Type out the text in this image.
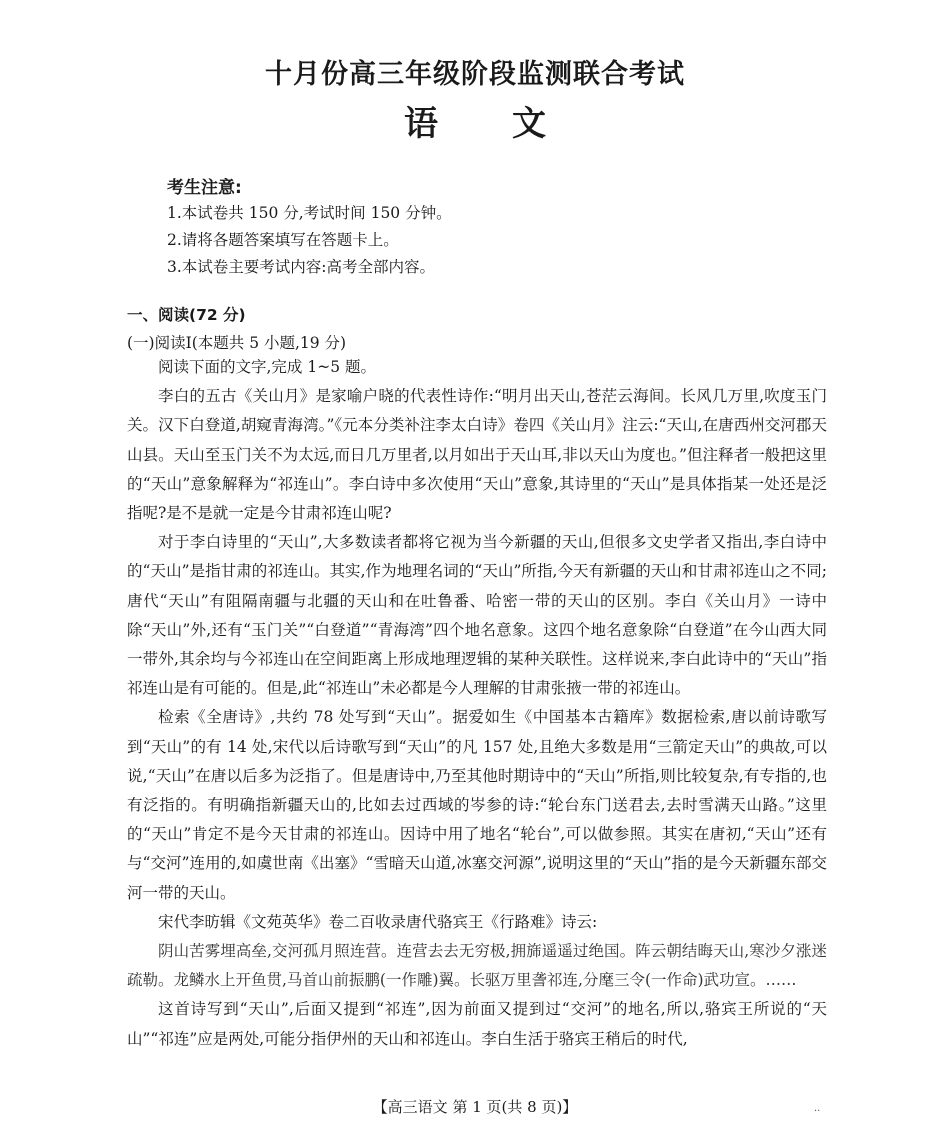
十月份高三年级阶段监测联合考试
语文
考生注意:
1.本试卷共 150 分,考试时间 150 分钟。
2.请将各题答案填写在答题卡上。
3.本试卷主要考试内容:高考全部内容。
一、阅读(72 分)
(一)阅读Ⅰ(本题共 5 小题,19 分)

阅读下面的文字,完成 1~5 题。

李白的五古《关山月》是家喻户晓的代表性诗作:“明月出天山,苍茫云海间。长风几万里,吹度玉门关。汉下白登道,胡窥青海湾。”《元本分类补注李太白诗》卷四《关山月》注云:“天山,在唐西州交河郡天山县。天山至玉门关不为太远,而日几万里者,以月如出于天山耳,非以天山为度也。”但注释者一般把这里的“天山”意象解释为“祁连山”。李白诗中多次使用“天山”意象,其诗里的“天山”是具体指某一处还是泛指呢?是不是就一定是今甘肃祁连山呢?

对于李白诗里的“天山”,大多数读者都将它视为当今新疆的天山,但很多文史学者又指出,李白诗中的“天山”是指甘肃的祁连山。其实,作为地理名词的“天山”所指,今天有新疆的天山和甘肃祁连山之不同;唐代“天山”有阻隔南疆与北疆的天山和在吐鲁番、哈密一带的天山的区别。李白《关山月》一诗中除“天山”外,还有“玉门关”“白登道”“青海湾”四个地名意象。这四个地名意象除“白登道”在今山西大同一带外,其余均与今祁连山在空间距离上形成地理逻辑的某种关联性。这样说来,李白此诗中的“天山”指祁连山是有可能的。但是,此“祁连山”未必都是今人理解的甘肃张掖一带的祁连山。

检索《全唐诗》,共约 78 处写到“天山”。据爱如生《中国基本古籍库》数据检索,唐以前诗歌写到“天山”的有 14 处,宋代以后诗歌写到“天山”的凡 157 处,且绝大多数是用“三箭定天山”的典故,可以说,“天山”在唐以后多为泛指了。但是唐诗中,乃至其他时期诗中的“天山”所指,则比较复杂,有专指的,也有泛指的。有明确指新疆天山的,比如去过西域的岑参的诗:“轮台东门送君去,去时雪满天山路。”这里的“天山”肯定不是今天甘肃的祁连山。因诗中用了地名“轮台”,可以做参照。其实在唐初,“天山”还有与“交河”连用的,如虞世南《出塞》“雪暗天山道,冰塞交河源”,说明这里的“天山”指的是今天新疆东部交河一带的天山。

宋代李昉辑《文苑英华》卷二百收录唐代骆宾王《行路难》诗云:

阴山苦雾埋高垒,交河孤月照连营。连营去去无穷极,拥旆遥遥过绝国。阵云朝结晦天山,寒沙夕涨迷疏勒。龙鳞水上开鱼贯,马首山前振鹏(一作雕)翼。长驱万里詟祁连,分麾三令(一作命)武功宣。……

这首诗写到“天山”,后面又提到“祁连”,因为前面又提到过“交河”的地名,所以,骆宾王所说的“天山”“祁连”应是两处,可能分指伊州的天山和祁连山。李白生活于骆宾王稍后的时代,

【高三语文 第 1 页(共 8 页)】	··
